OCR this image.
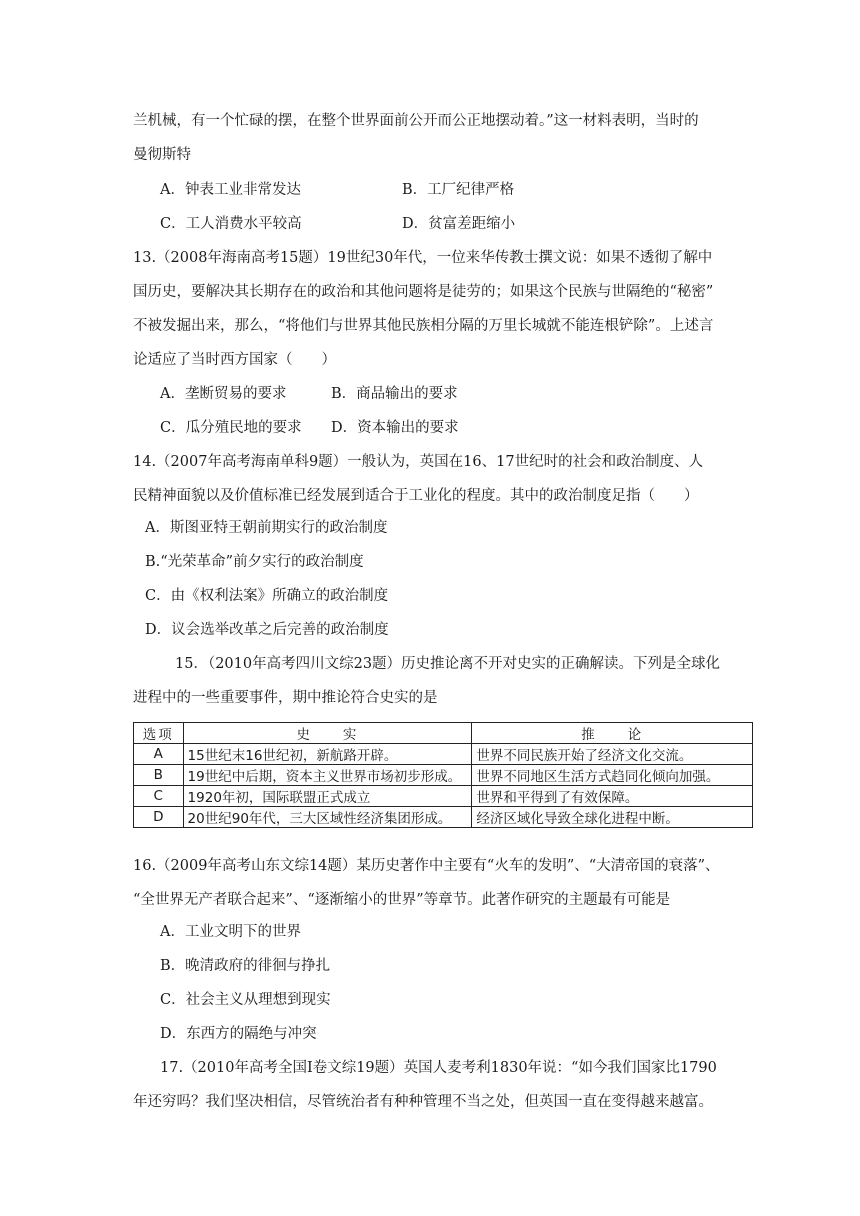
兰机械，有一个忙碌的摆，在整个世界面前公开而公正地摆动着。”这一材料表明，当时的
曼彻斯特
A．钟表工业非常发达	B．工厂纪律严格
C．工人消费水平较高	D．贫富差距缩小
13.（2008年海南高考15题）19世纪30年代，一位来华传教士撰文说：如果不透彻了解中
国历史，要解决其长期存在的政治和其他问题将是徒劳的；如果这个民族与世隔绝的“秘密”
不被发掘出来，那么，“将他们与世界其他民族相分隔的万里长城就不能连根铲除”。上述言
论适应了当时西方国家（　　）
A．垄断贸易的要求	B．商品输出的要求
C．瓜分殖民地的要求 D．资本输出的要求
14.（2007年高考海南单科9题）一般认为，英国在16、17世纪时的社会和政治制度、人
民精神面貌以及价值标准已经发展到适合于工业化的程度。其中的政治制度足指（　　）
A．斯图亚特王朝前期实行的政治制度
B.“光荣革命”前夕实行的政治制度
C．由《权利法案》所确立的政治制度
D．议会选举改革之后完善的政治制度
15．（2010年高考四川文综23题）历史推论离不开对史实的正确解读。下列是全球化
进程中的一些重要事件，期中推论符合史实的是
选项	史　　实	推　　论
A	15世纪末16世纪初，新航路开辟。	世界不同民族开始了经济文化交流。
B	19世纪中后期，资本主义世界市场初步形成。	世界不同地区生活方式趋同化倾向加强。
C	1920年初，国际联盟正式成立	世界和平得到了有效保障。
D	20世纪90年代，三大区域性经济集团形成。	经济区域化导致全球化进程中断。
16.（2009年高考山东文综14题）某历史著作中主要有“火车的发明”、“大清帝国的衰落”、
“全世界无产者联合起来”、“逐渐缩小的世界”等章节。此著作研究的主题最有可能是
A．工业文明下的世界
B．晚清政府的徘徊与挣扎
C．社会主义从理想到现实
D．东西方的隔绝与冲突
17.（2010年高考全国Ⅰ卷文综19题）英国人麦考利1830年说：“如今我们国家比1790
年还穷吗？我们坚决相信，尽管统治者有种种管理不当之处，但英国一直在变得越来越富。
